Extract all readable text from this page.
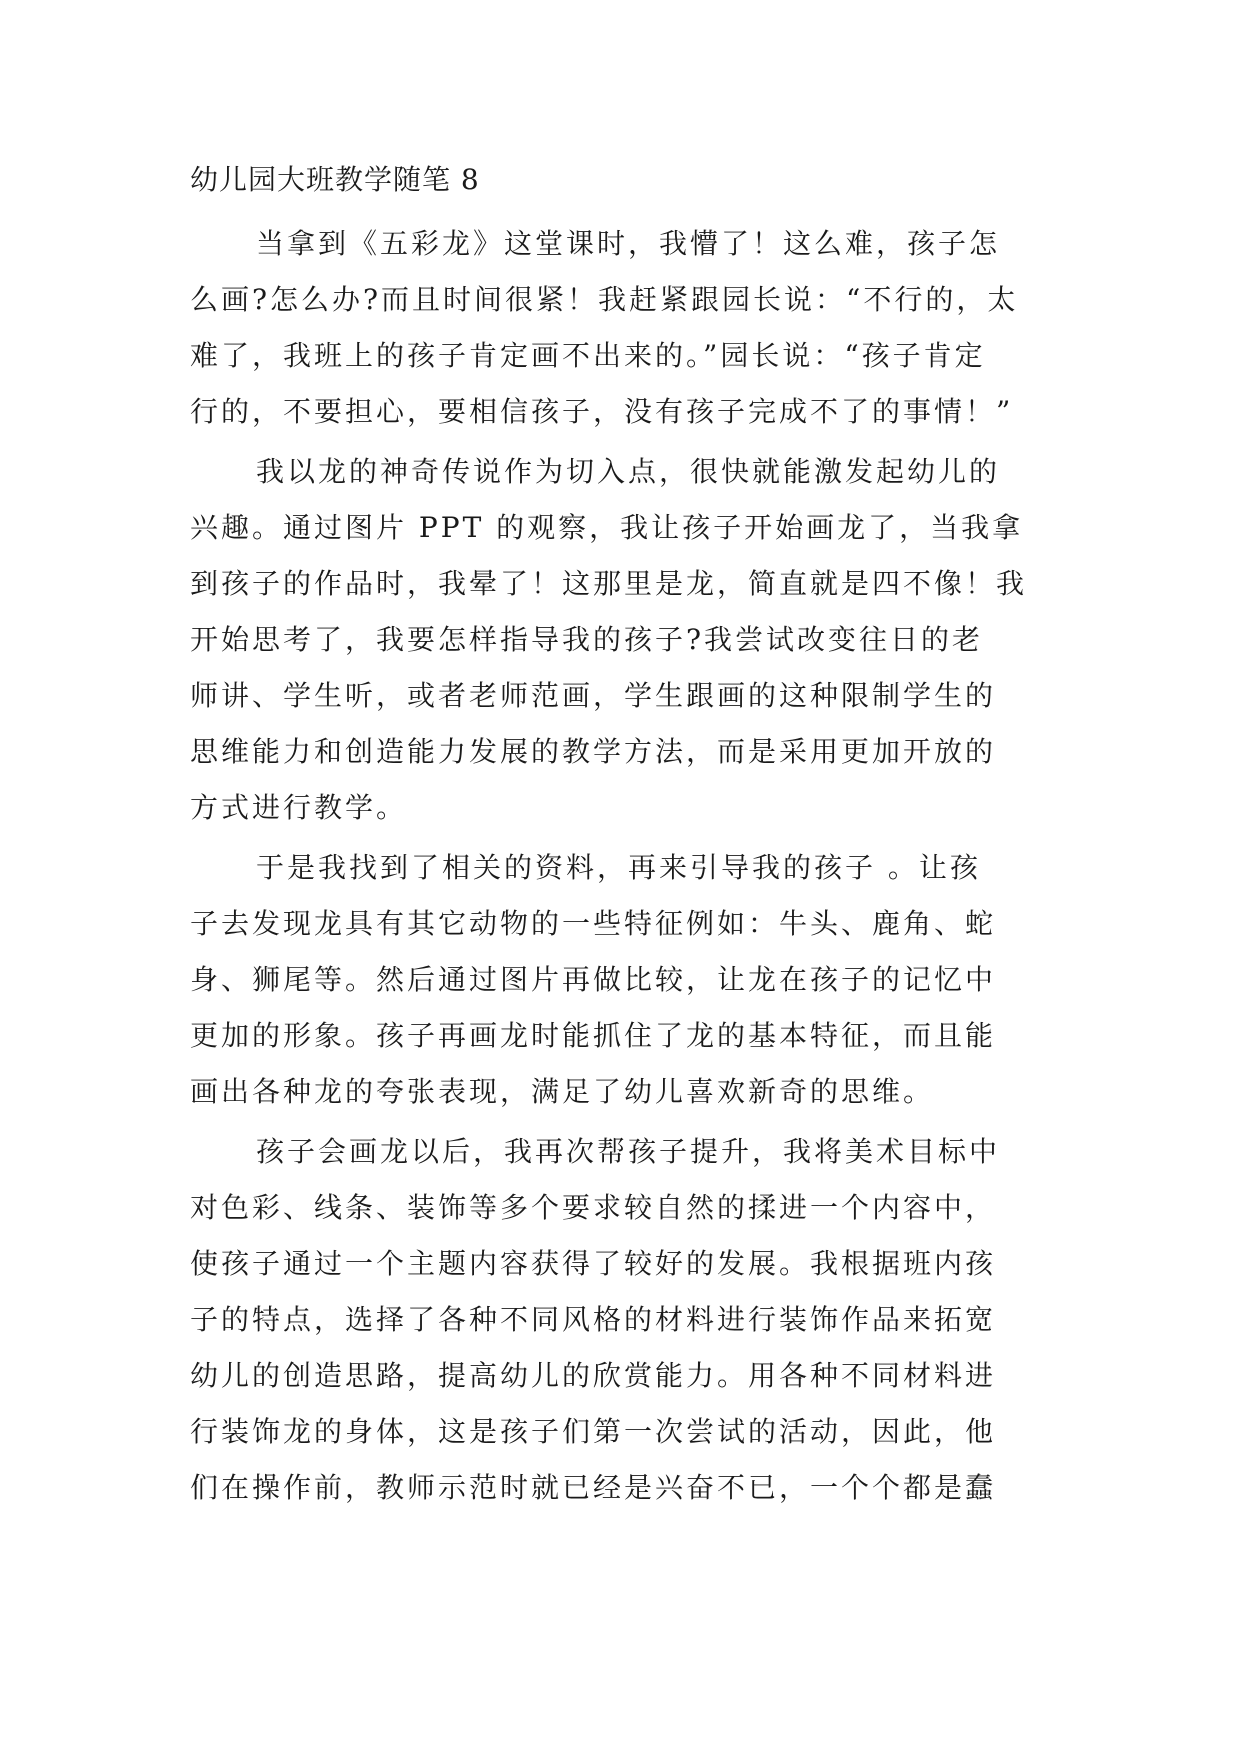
幼儿园大班教学随笔 8
当拿到《五彩龙》这堂课时，我懵了！这么难，孩子怎
么画?怎么办?而且时间很紧！我赶紧跟园长说：“不行的，太
难了，我班上的孩子肯定画不出来的。”园长说：“孩子肯定
行的，不要担心，要相信孩子，没有孩子完成不了的事情！”
我以龙的神奇传说作为切入点，很快就能激发起幼儿的
兴趣。通过图片 PPT 的观察，我让孩子开始画龙了，当我拿
到孩子的作品时，我晕了！这那里是龙，简直就是四不像！我
开始思考了，我要怎样指导我的孩子?我尝试改变往日的老
师讲、学生听，或者老师范画，学生跟画的这种限制学生的
思维能力和创造能力发展的教学方法，而是采用更加开放的
方式进行教学。
于是我找到了相关的资料，再来引导我的孩子 。让孩
子去发现龙具有其它动物的一些特征例如：牛头、鹿角、蛇
身、狮尾等。然后通过图片再做比较，让龙在孩子的记忆中
更加的形象。孩子再画龙时能抓住了龙的基本特征，而且能
画出各种龙的夸张表现，满足了幼儿喜欢新奇的思维。
孩子会画龙以后，我再次帮孩子提升，我将美术目标中
对色彩、线条、装饰等多个要求较自然的揉进一个内容中，
使孩子通过一个主题内容获得了较好的发展。我根据班内孩
子的特点，选择了各种不同风格的材料进行装饰作品来拓宽
幼儿的创造思路，提高幼儿的欣赏能力。用各种不同材料进
行装饰龙的身体，这是孩子们第一次尝试的活动，因此，他
们在操作前，教师示范时就已经是兴奋不已，一个个都是蠢
